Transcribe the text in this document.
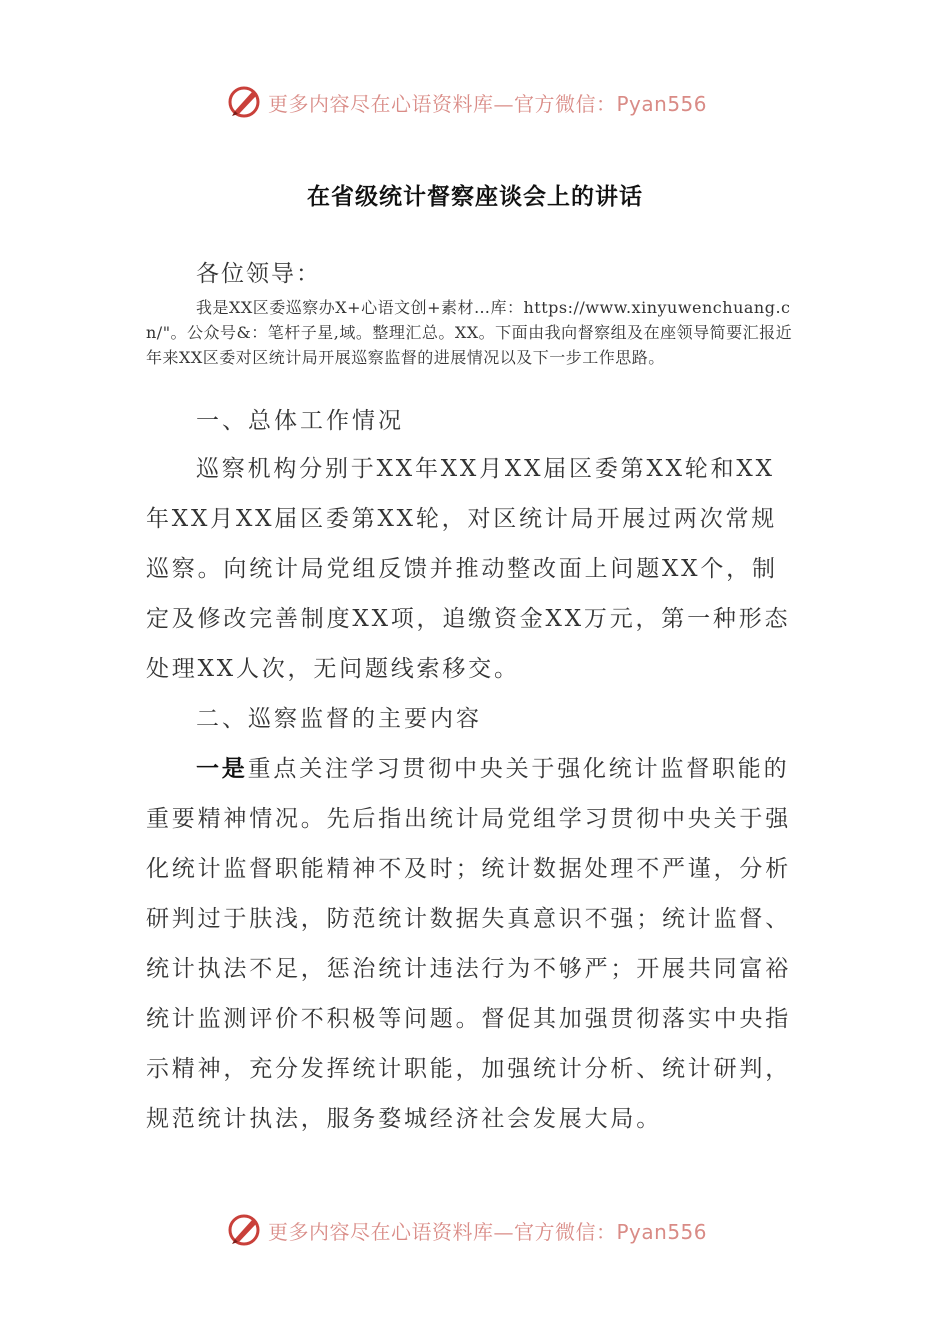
更多内容尽在心语资料库—官方微信：Pyan556
在省级统计督察座谈会上的讲话
各位领导：
我是XX区委巡察办X+心语文创+素材…库：https://www.xinyuwenchuang.cn/"。公众号&：笔杆子星,域。整理汇总。XX。下面由我向督察组及在座领导简要汇报近年来XX区委对区统计局开展巡察监督的进展情况以及下一步工作思路。
一、总体工作情况
巡察机构分别于XX年XX月XX届区委第XX轮和XX年XX月XX届区委第XX轮，对区统计局开展过两次常规巡察。向统计局党组反馈并推动整改面上问题XX个，制定及修改完善制度XX项，追缴资金XX万元，第一种形态处理XX人次，无问题线索移交。
二、巡察监督的主要内容
一是重点关注学习贯彻中央关于强化统计监督职能的重要精神情况。先后指出统计局党组学习贯彻中央关于强化统计监督职能精神不及时；统计数据处理不严谨，分析研判过于肤浅，防范统计数据失真意识不强；统计监督、统计执法不足，惩治统计违法行为不够严；开展共同富裕统计监测评价不积极等问题。督促其加强贯彻落实中央指示精神，充分发挥统计职能，加强统计分析、统计研判，规范统计执法，服务婺城经济社会发展大局。
更多内容尽在心语资料库—官方微信：Pyan556
